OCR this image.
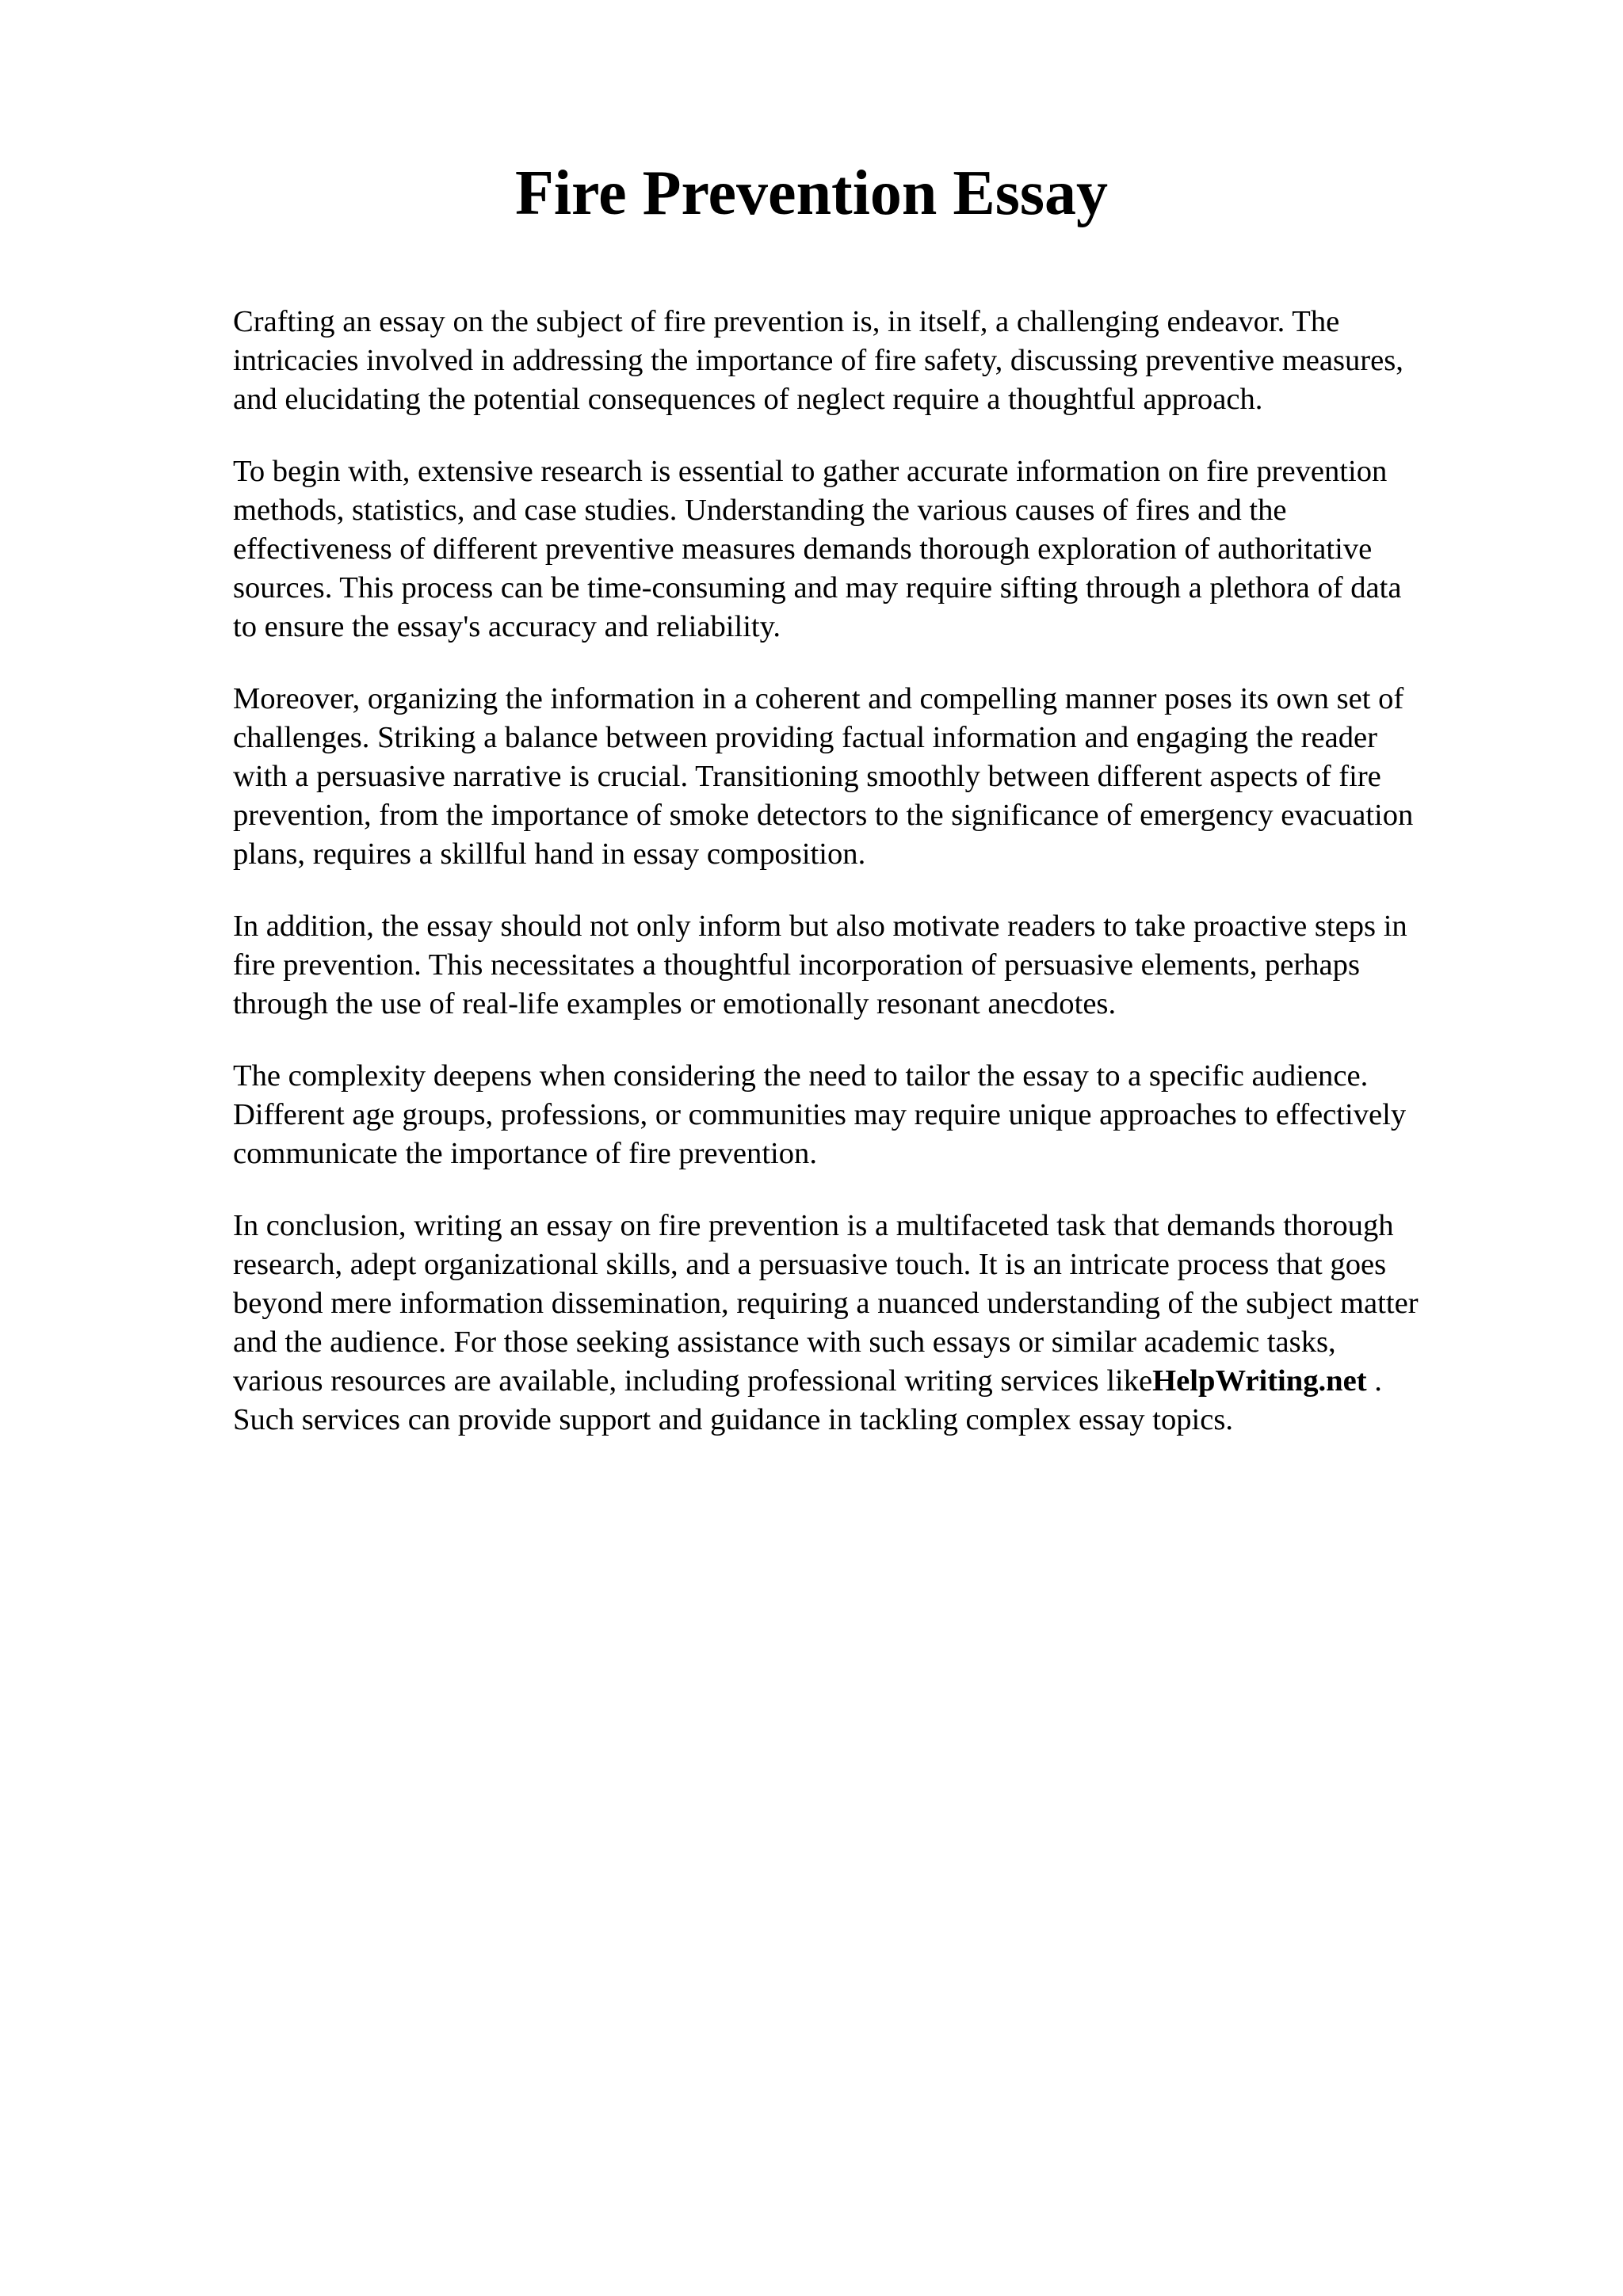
Fire Prevention Essay

Crafting an essay on the subject of fire prevention is, in itself, a challenging endeavor. The
intricacies involved in addressing the importance of fire safety, discussing preventive measures,
and elucidating the potential consequences of neglect require a thoughtful approach.

To begin with, extensive research is essential to gather accurate information on fire prevention
methods, statistics, and case studies. Understanding the various causes of fires and the
effectiveness of different preventive measures demands thorough exploration of authoritative
sources. This process can be time-consuming and may require sifting through a plethora of data
to ensure the essay's accuracy and reliability.

Moreover, organizing the information in a coherent and compelling manner poses its own set of
challenges. Striking a balance between providing factual information and engaging the reader
with a persuasive narrative is crucial. Transitioning smoothly between different aspects of fire
prevention, from the importance of smoke detectors to the significance of emergency evacuation
plans, requires a skillful hand in essay composition.

In addition, the essay should not only inform but also motivate readers to take proactive steps in
fire prevention. This necessitates a thoughtful incorporation of persuasive elements, perhaps
through the use of real-life examples or emotionally resonant anecdotes.

The complexity deepens when considering the need to tailor the essay to a specific audience.
Different age groups, professions, or communities may require unique approaches to effectively
communicate the importance of fire prevention.

In conclusion, writing an essay on fire prevention is a multifaceted task that demands thorough
research, adept organizational skills, and a persuasive touch. It is an intricate process that goes
beyond mere information dissemination, requiring a nuanced understanding of the subject matter
and the audience. For those seeking assistance with such essays or similar academic tasks,
various resources are available, including professional writing services likeHelpWriting.net .
Such services can provide support and guidance in tackling complex essay topics.
